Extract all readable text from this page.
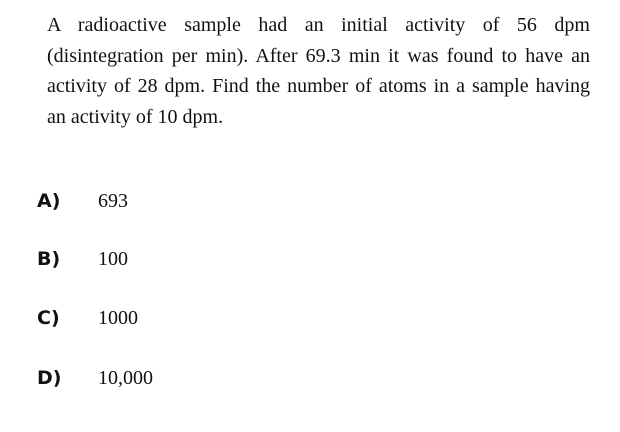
A radioactive sample had an initial activity of 56 dpm (disintegration per min). After 69.3 min it was found to have an activity of 28 dpm. Find the number of atoms in a sample having an activity of 10 dpm.

A) 693
B) 100
C) 1000
D) 10,000
